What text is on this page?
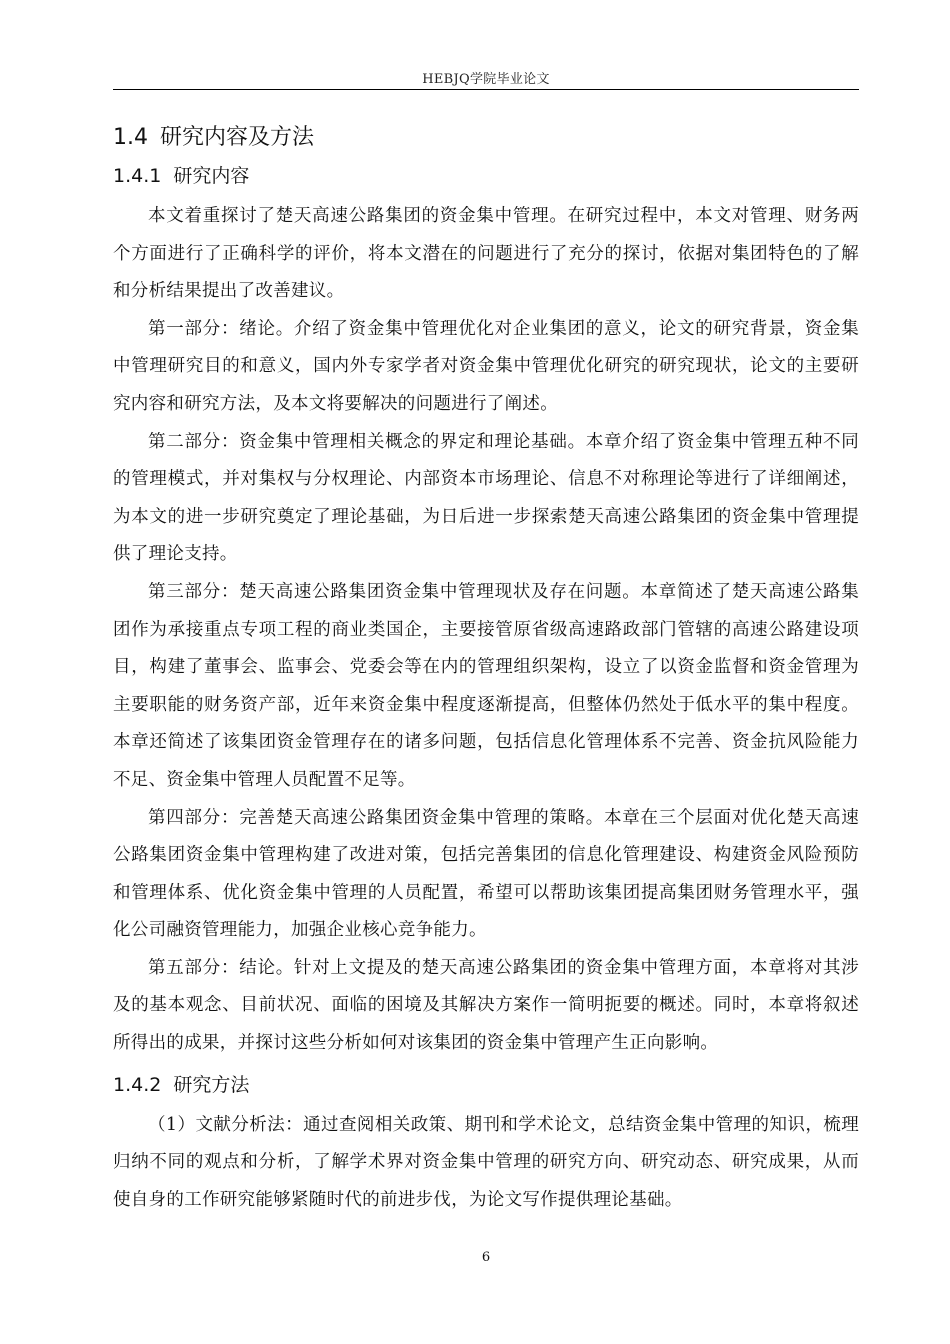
HEBJQ学院毕业论文
1.4 研究内容及方法
1.4.1 研究内容

本文着重探讨了楚天高速公路集团的资金集中管理。在研究过程中，本文对管理、财务两个方面进行了正确科学的评价，将本文潜在的问题进行了充分的探讨，依据对集团特色的了解和分析结果提出了改善建议。

第一部分：绪论。介绍了资金集中管理优化对企业集团的意义，论文的研究背景，资金集中管理研究目的和意义，国内外专家学者对资金集中管理优化研究的研究现状，论文的主要研究内容和研究方法，及本文将要解决的问题进行了阐述。

第二部分：资金集中管理相关概念的界定和理论基础。本章介绍了资金集中管理五种不同的管理模式，并对集权与分权理论、内部资本市场理论、信息不对称理论等进行了详细阐述，为本文的进一步研究奠定了理论基础，为日后进一步探索楚天高速公路集团的资金集中管理提供了理论支持。

第三部分：楚天高速公路集团资金集中管理现状及存在问题。本章简述了楚天高速公路集团作为承接重点专项工程的商业类国企，主要接管原省级高速路政部门管辖的高速公路建设项目，构建了董事会、监事会、党委会等在内的管理组织架构，设立了以资金监督和资金管理为主要职能的财务资产部，近年来资金集中程度逐渐提高，但整体仍然处于低水平的集中程度。本章还简述了该集团资金管理存在的诸多问题，包括信息化管理体系不完善、资金抗风险能力不足、资金集中管理人员配置不足等。

第四部分：完善楚天高速公路集团资金集中管理的策略。本章在三个层面对优化楚天高速公路集团资金集中管理构建了改进对策，包括完善集团的信息化管理建设、构建资金风险预防和管理体系、优化资金集中管理的人员配置，希望可以帮助该集团提高集团财务管理水平，强化公司融资管理能力，加强企业核心竞争能力。

第五部分：结论。针对上文提及的楚天高速公路集团的资金集中管理方面，本章将对其涉及的基本观念、目前状况、面临的困境及其解决方案作一简明扼要的概述。同时，本章将叙述所得出的成果，并探讨这些分析如何对该集团的资金集中管理产生正向影响。

1.4.2 研究方法

（1）文献分析法：通过查阅相关政策、期刊和学术论文，总结资金集中管理的知识，梳理归纳不同的观点和分析，了解学术界对资金集中管理的研究方向、研究动态、研究成果，从而使自身的工作研究能够紧随时代的前进步伐，为论文写作提供理论基础。

6
